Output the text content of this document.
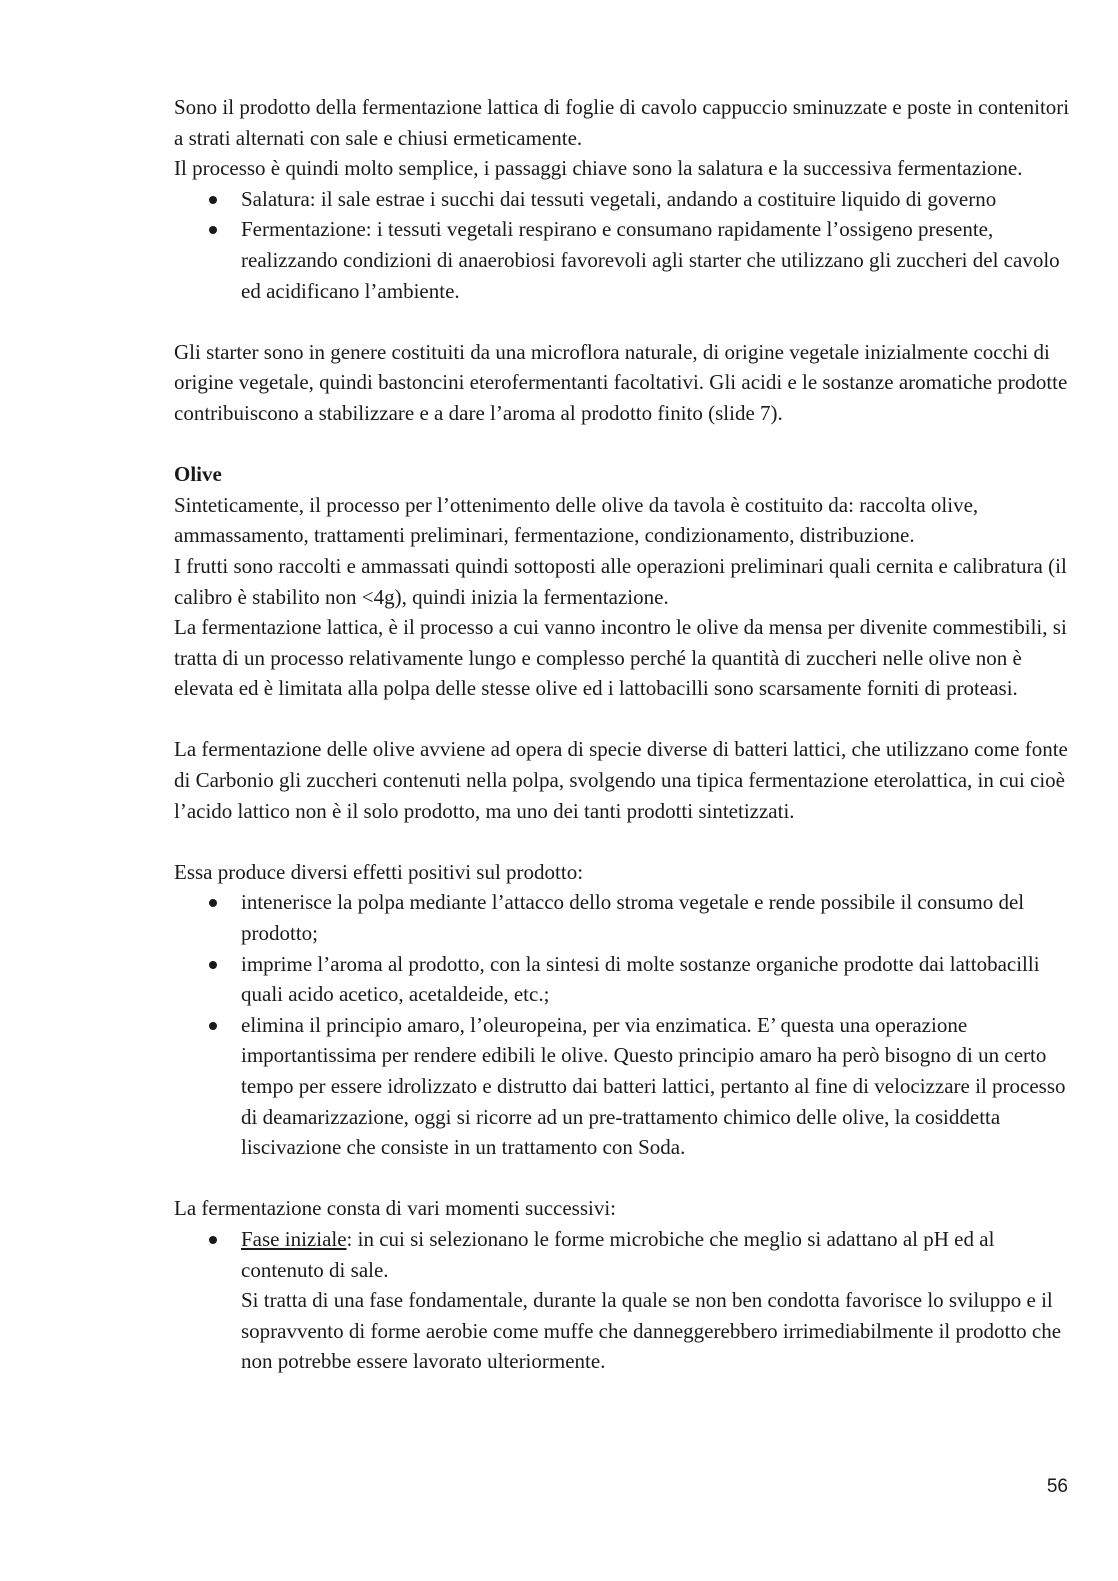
Sono il prodotto della fermentazione lattica di foglie di cavolo cappuccio sminuzzate e poste in contenitori a strati alternati con sale e chiusi ermeticamente.

Il processo è quindi molto semplice, i passaggi chiave sono la salatura e la successiva fermentazione.

Salatura: il sale estrae i succhi dai tessuti vegetali, andando a costituire liquido di governo
Fermentazione: i tessuti vegetali respirano e consumano rapidamente l’ossigeno presente, realizzando condizioni di anaerobiosi favorevoli agli starter che utilizzano gli zuccheri del cavolo ed acidificano l’ambiente.

Gli starter sono in genere costituiti da una microflora naturale, di origine vegetale inizialmente cocchi di origine vegetale, quindi bastoncini eterofermentanti facoltativi. Gli acidi e le sostanze aromatiche prodotte contribuiscono a stabilizzare e a dare l’aroma al prodotto finito (slide 7).

Olive

Sinteticamente, il processo per l’ottenimento delle olive da tavola è costituito da: raccolta olive, ammassamento, trattamenti preliminari, fermentazione, condizionamento, distribuzione.

I frutti sono raccolti e ammassati quindi sottoposti alle operazioni preliminari quali cernita e calibratura (il calibro è stabilito non <4g), quindi inizia la fermentazione.

La fermentazione lattica, è il processo a cui vanno incontro le olive da mensa per divenite commestibili, si tratta di un processo relativamente lungo e complesso perché la quantità di zuccheri nelle olive non è elevata ed è limitata alla polpa delle stesse olive ed i lattobacilli sono scarsamente forniti di proteasi.

La fermentazione delle olive avviene ad opera di specie diverse di batteri lattici, che utilizzano come fonte di Carbonio gli zuccheri contenuti nella polpa, svolgendo una tipica fermentazione eterolattica, in cui cioè l’acido lattico non è il solo prodotto, ma uno dei tanti prodotti sintetizzati.

Essa produce diversi effetti positivi sul prodotto:

intenerisce la polpa mediante l’attacco dello stroma vegetale e rende possibile il consumo del prodotto;
imprime l’aroma al prodotto, con la sintesi di molte sostanze organiche prodotte dai lattobacilli quali acido acetico, acetaldeide, etc.;
elimina il principio amaro, l’oleuropeina, per via enzimatica. E’ questa una operazione importantissima per rendere edibili le olive. Questo principio amaro ha però bisogno di un certo tempo per essere idrolizzato e distrutto dai batteri lattici, pertanto al fine di velocizzare il processo di deamarizzazione, oggi si ricorre ad un pre-trattamento chimico delle olive, la cosiddetta liscivazione che consiste in un trattamento con Soda.

La fermentazione consta di vari momenti successivi:

Fase iniziale: in cui si selezionano le forme microbiche che meglio si adattano al pH ed al contenuto di sale.
Si tratta di una fase fondamentale, durante la quale se non ben condotta favorisce lo sviluppo e il sopravvento di forme aerobie come muffe che danneggerebbero irrimediabilmente il prodotto che non potrebbe essere lavorato ulteriormente.
56
